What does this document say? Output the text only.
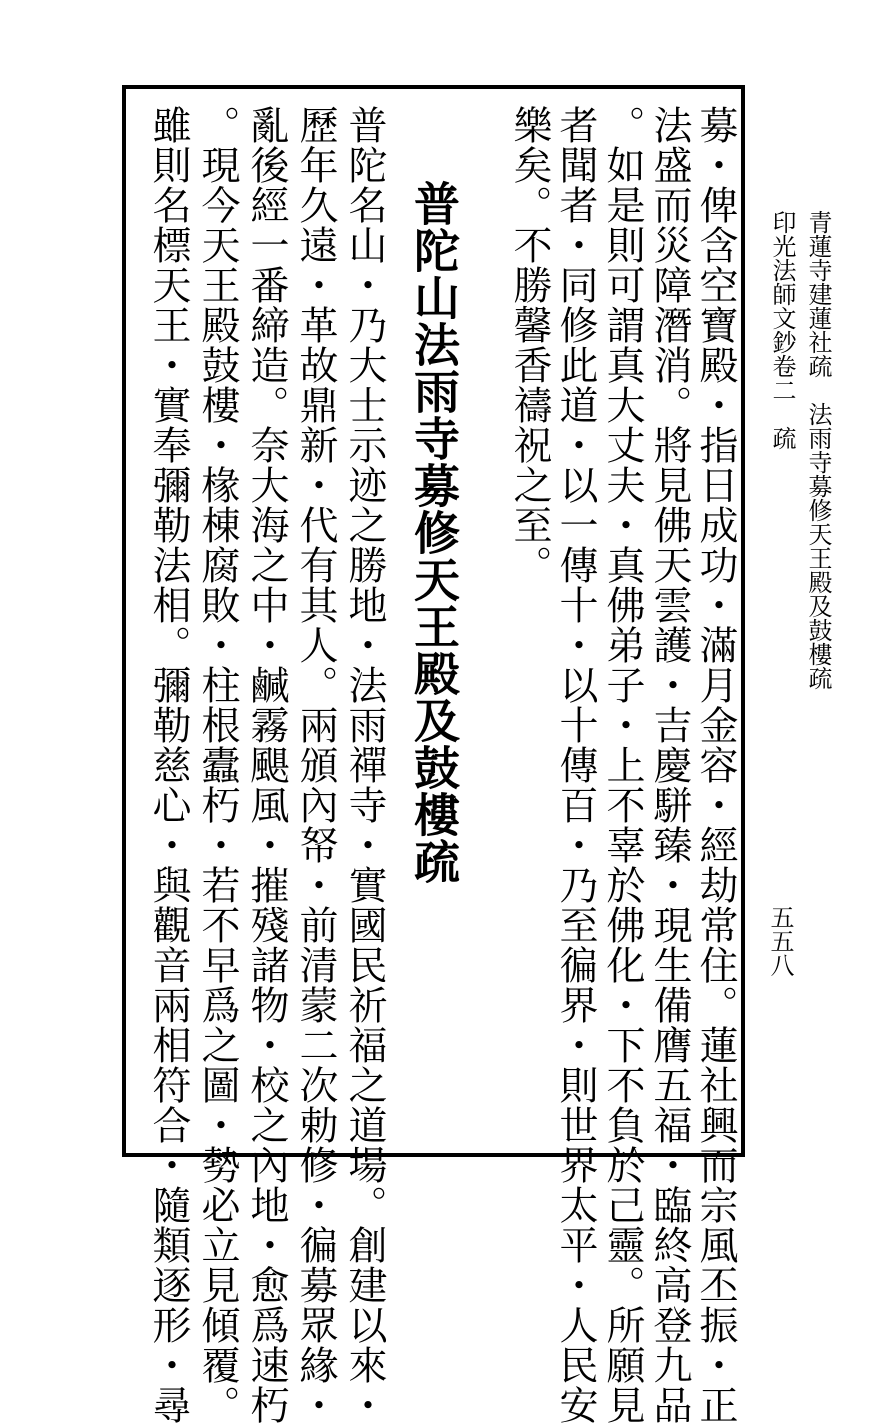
印光法師文鈔卷二疏 青蓮寺建蓮社疏　法雨寺募修天王殿及鼓樓疏
五五八
募・俾含空寶殿・指日成功・滿月金容・經劫常住。蓮社興而宗風丕振・正
法盛而災障潛消。將見佛天雲護・吉慶駢臻・現生備膺五福・臨終高登九品
。如是則可謂真大丈夫・真佛弟子・上不辜於佛化・下不負於己靈。所願見
者聞者・同修此道・以一傳十・以十傳百・乃至徧界・則世界太平・人民安
樂矣。不勝馨香禱祝之至。
普陀山法雨寺募修天王殿及鼓樓疏
普陀名山・乃大士示迹之勝地・法雨禪寺・實國民祈福之道場。創建以來・
歷年久遠・革故鼎新・代有其人。兩頒內帑・前清蒙二次勅修・徧募眾緣・
亂後經一番締造。奈大海之中・鹹霧颶風・摧殘諸物・校之內地・愈爲速朽
。現今天王殿鼓樓・椽棟腐敗・柱根蠹朽・若不早爲之圖・勢必立見傾覆。
雖則名標天王・實奉彌勒法相。彌勒慈心・與觀音兩相符合・隨類逐形・尋
